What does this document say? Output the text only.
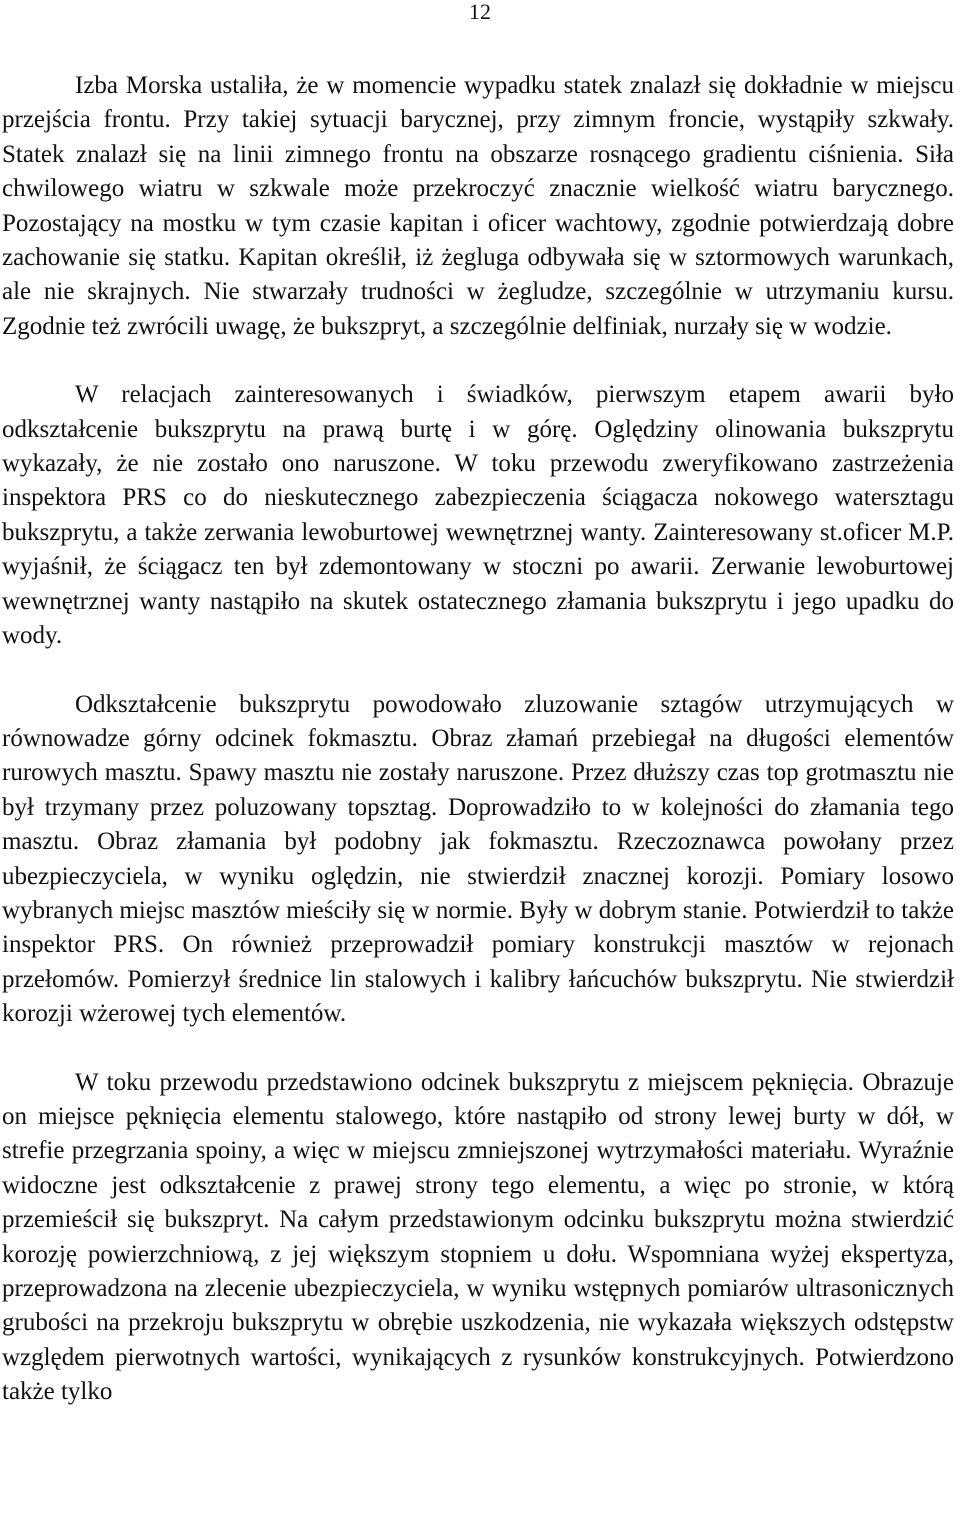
12

Izba Morska ustaliła, że w momencie wypadku statek znalazł się dokładnie w miejscu przejścia frontu. Przy takiej sytuacji barycznej, przy zimnym froncie, wystąpiły szkwały. Statek znalazł się na linii zimnego frontu na obszarze rosnącego gradientu ciśnienia. Siła chwilowego wiatru w szkwale może przekroczyć znacznie wielkość wiatru barycznego. Pozostający na mostku w tym czasie kapitan i oficer wachtowy, zgodnie potwierdzają dobre zachowanie się statku. Kapitan określił, iż żegluga odbywała się w sztormowych warunkach, ale nie skrajnych. Nie stwarzały trudności w żegludze, szczególnie w utrzymaniu kursu. Zgodnie też zwrócili uwagę, że bukszpryt, a szczególnie delfiniak, nurzały się w wodzie.

W relacjach zainteresowanych i świadków, pierwszym etapem awarii było odkształcenie bukszprytu na prawą burtę i w górę. Oględziny olinowania bukszprytu wykazały, że nie zostało ono naruszone. W toku przewodu zweryfikowano zastrzeżenia inspektora PRS co do nieskutecznego zabezpieczenia ściągacza nokowego watersztagu bukszprytu, a także zerwania lewoburtowej wewnętrznej wanty. Zainteresowany st.oficer M.P. wyjaśnił, że ściągacz ten był zdemontowany w stoczni po awarii. Zerwanie lewoburtowej wewnętrznej wanty nastąpiło na skutek ostatecznego złamania bukszprytu i jego upadku do wody.

Odkształcenie bukszprytu powodowało zluzowanie sztagów utrzymujących w równowadze górny odcinek fokmasztu. Obraz złamań przebiegał na długości elementów rurowych masztu. Spawy masztu nie zostały naruszone. Przez dłuższy czas top grotmasztu nie był trzymany przez poluzowany topsztag. Doprowadziło to w kolejności do złamania tego masztu. Obraz złamania był podobny jak fokmasztu. Rzeczoznawca powołany przez ubezpieczyciela, w wyniku oględzin, nie stwierdził znacznej korozji. Pomiary losowo wybranych miejsc masztów mieściły się w normie. Były w dobrym stanie. Potwierdził to także inspektor PRS. On również przeprowadził pomiary konstrukcji masztów w rejonach przełomów. Pomierzył średnice lin stalowych i kalibry łańcuchów bukszprytu. Nie stwierdził korozji wżerowej tych elementów.

W toku przewodu przedstawiono odcinek bukszprytu z miejscem pęknięcia. Obrazuje on miejsce pęknięcia elementu stalowego, które nastąpiło od strony lewej burty w dół, w strefie przegrzania spoiny, a więc w miejscu zmniejszonej wytrzymałości materiału. Wyraźnie widoczne jest odkształcenie z prawej strony tego elementu, a więc po stronie, w którą przemieścił się bukszpryt. Na całym przedstawionym odcinku bukszprytu można stwierdzić korozję powierzchniową, z jej większym stopniem u dołu. Wspomniana wyżej ekspertyza, przeprowadzona na zlecenie ubezpieczyciela, w wyniku wstępnych pomiarów ultrasonicznych grubości na przekroju bukszprytu w obrębie uszkodzenia, nie wykazała większych odstępstw względem pierwotnych wartości, wynikających z rysunków konstrukcyjnych. Potwierdzono także tylko
